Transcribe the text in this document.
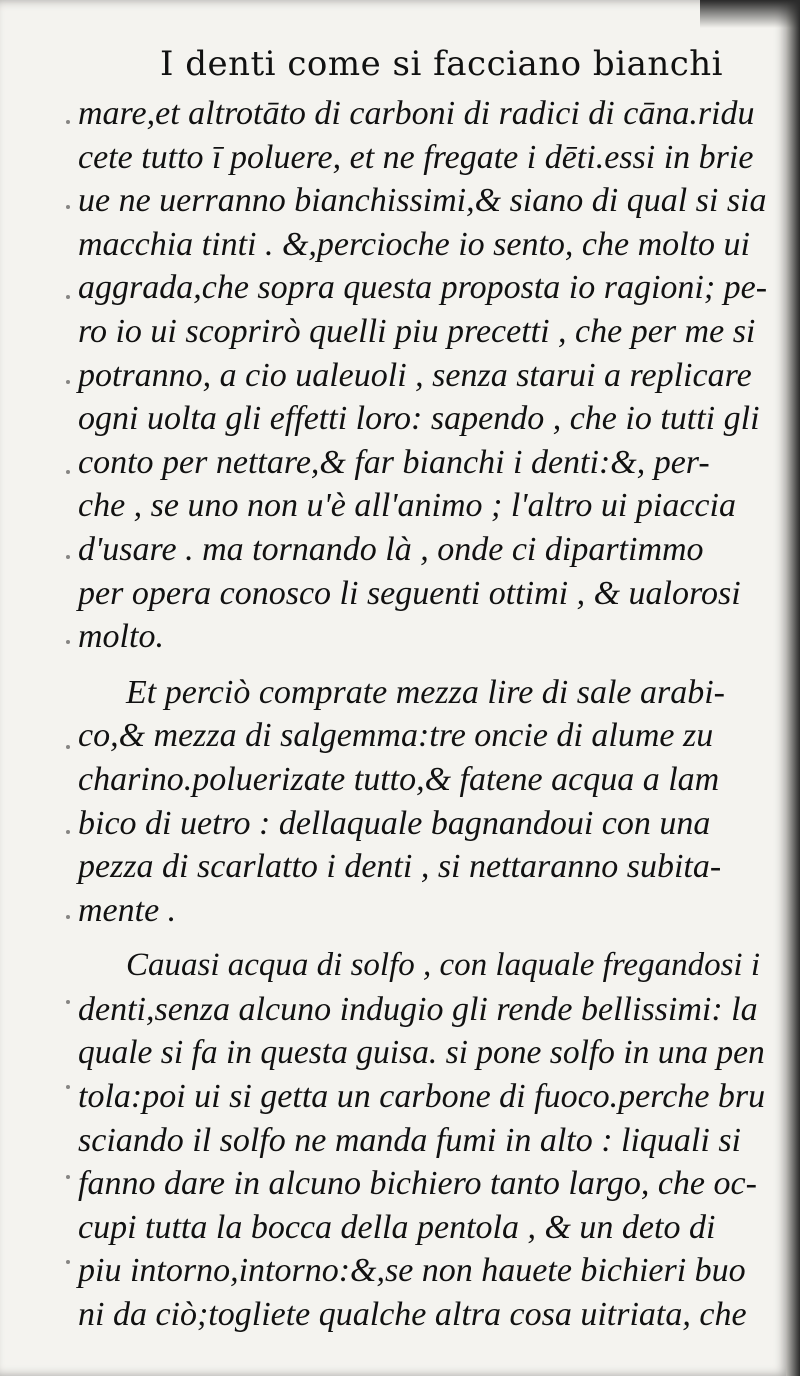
I denti come si facciano bianchi
mare,et altrotāto di carboni di radici di cāna.ridu
cete tutto ī poluere, et ne fregate i dēti.essi in brie
ue ne uerranno bianchissimi,& siano di qual si sia
macchia tinti . &,percioche io sento, che molto ui
aggrada,che sopra questa proposta io ragioni; pe-
ro io ui scoprirò quelli piu precetti , che per me si
potranno, a cio ualeuoli , senza starui a replicare
ogni uolta gli effetti loro: sapendo , che io tutti gli
conto per nettare,& far bianchi i denti:&, per-
che , se uno non u'è all'animo ; l'altro ui piaccia
d'usare . ma tornando là , onde ci dipartimmo
per opera conosco li seguenti ottimi , & ualorosi
molto.
Et perciò comprate mezza lire di sale arabi-
co,& mezza di salgemma:tre oncie di alume zu
charino.poluerizate tutto,& fatene acqua a lam
bico di uetro : dellaquale bagnandoui con una
pezza di scarlatto i denti , si nettaranno subita-
mente .
Cauasi acqua di solfo , con laquale fregandosi i
denti,senza alcuno indugio gli rende bellissimi: la
quale si fa in questa guisa. si pone solfo in una pen
tola:poi ui si getta un carbone di fuoco.perche bru
sciando il solfo ne manda fumi in alto : liquali si
fanno dare in alcuno bichiero tanto largo, che oc-
cupi tutta la bocca della pentola , & un deto di
piu intorno,intorno:&,se non hauete bichieri buo
ni da ciò;togliete qualche altra cosa uitriata, che
